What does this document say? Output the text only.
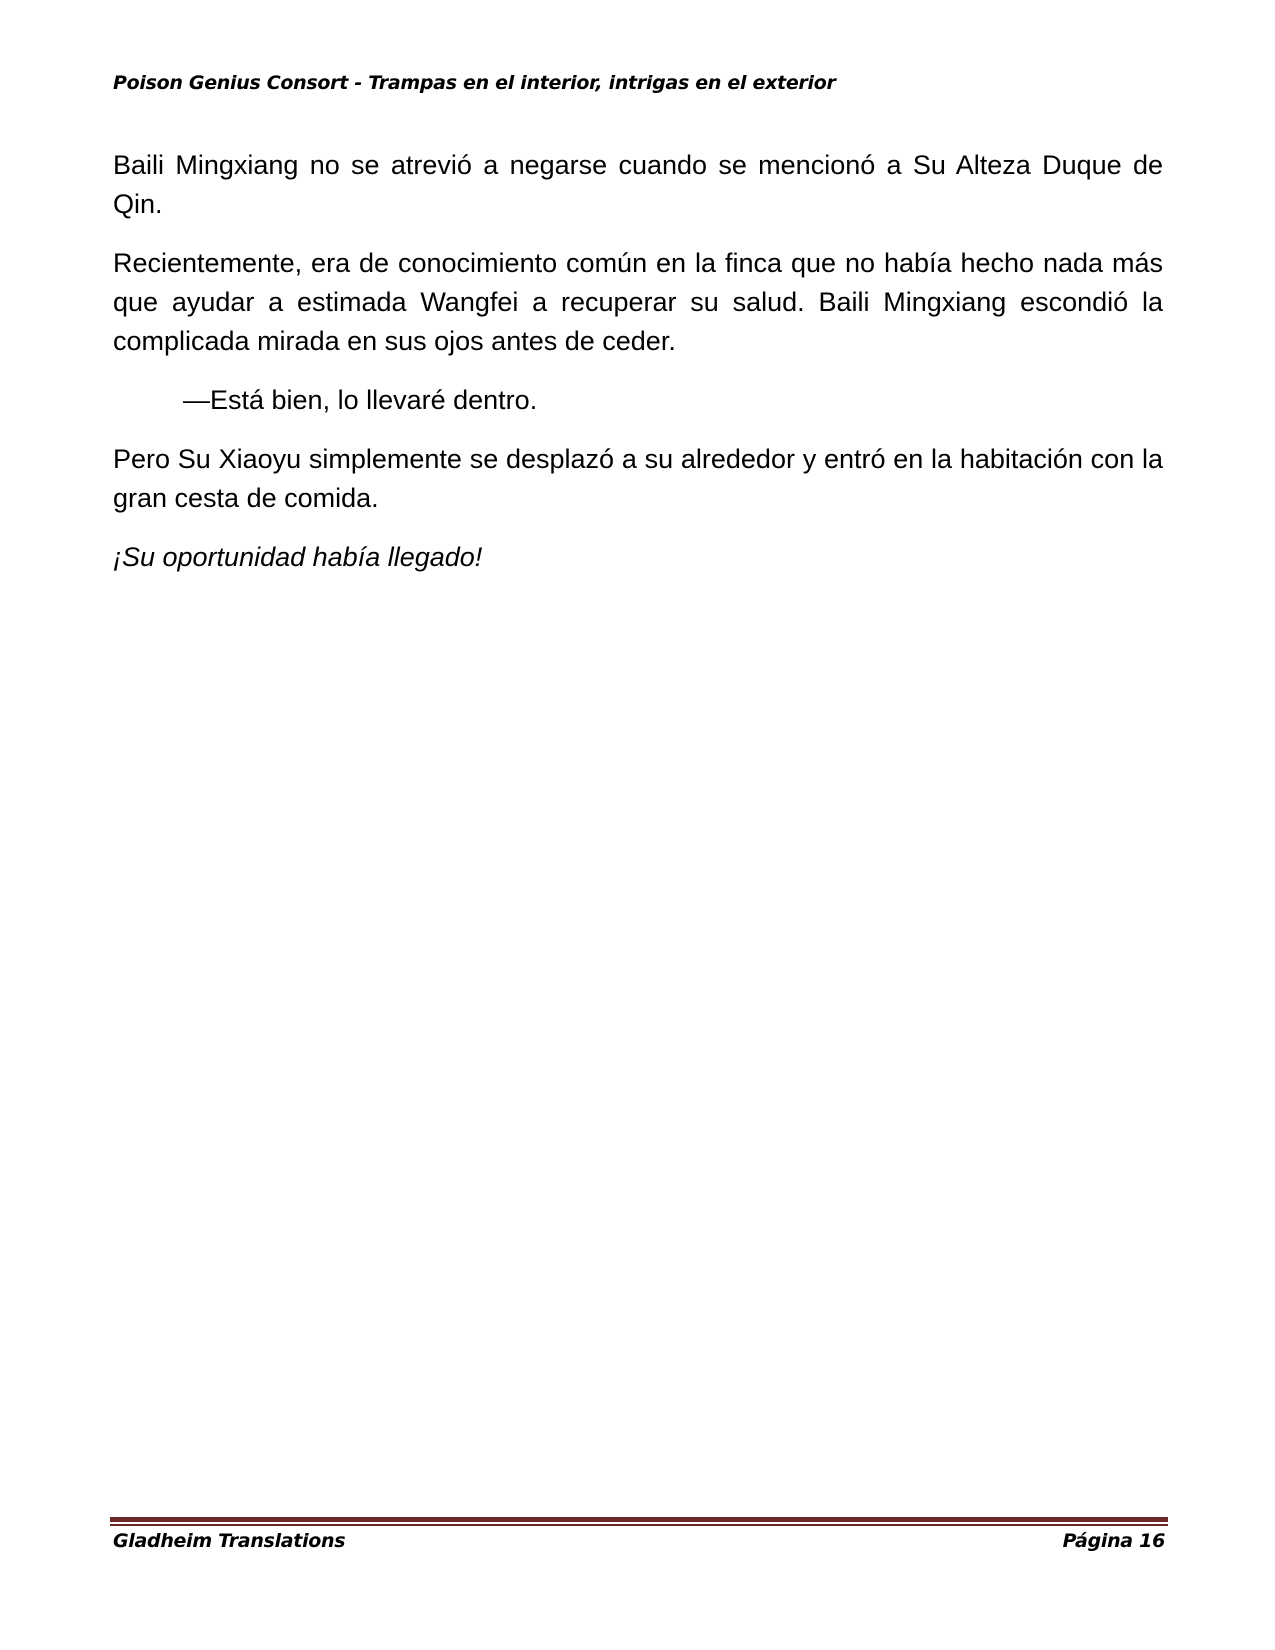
Poison Genius Consort - Trampas en el interior, intrigas en el exterior

Baili Mingxiang no se atrevió a negarse cuando se mencionó a Su Alteza Duque de Qin.

Recientemente, era de conocimiento común en la finca que no había hecho nada más que ayudar a estimada Wangfei a recuperar su salud. Baili Mingxiang escondió la complicada mirada en sus ojos antes de ceder.

—Está bien, lo llevaré dentro.

Pero Su Xiaoyu simplemente se desplazó a su alrededor y entró en la habitación con la gran cesta de comida.

¡Su oportunidad había llegado!

Gladheim Translations	Página 16
